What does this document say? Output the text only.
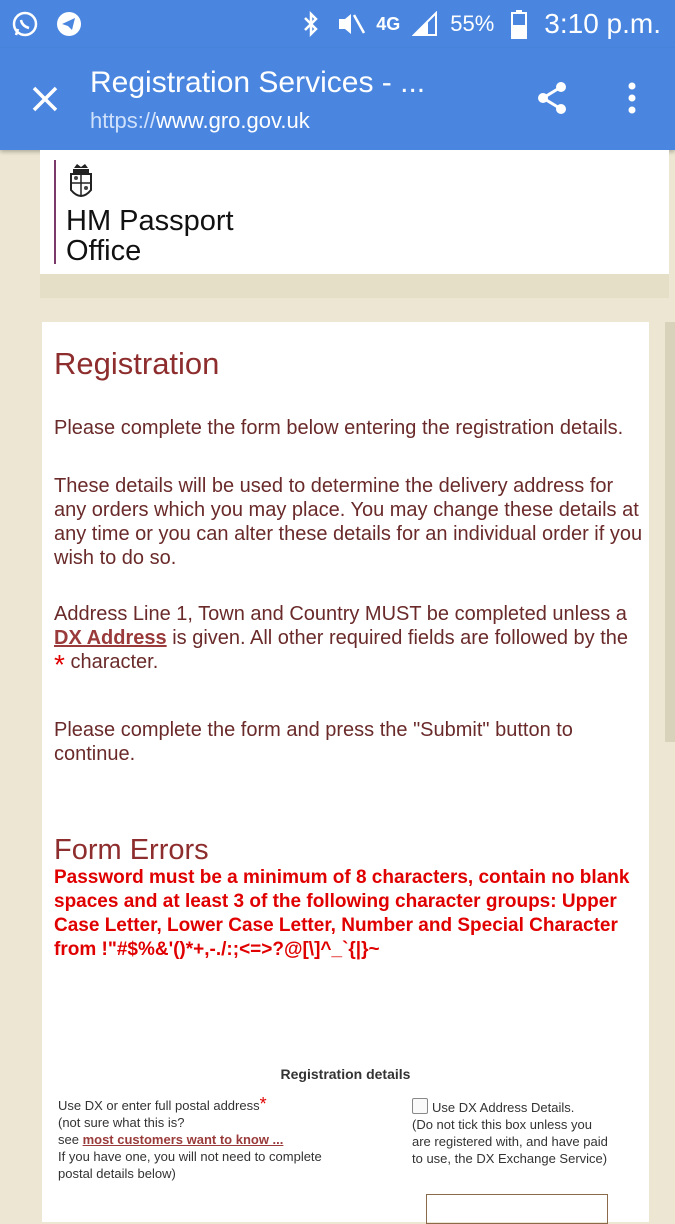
4G 55% 3:10 p.m.
Registration Services - ...
https://www.gro.gov.uk
HM Passport
Office
Registration
Please complete the form below entering the registration details.
These details will be used to determine the delivery address for any orders which you may place. You may change these details at any time or you can alter these details for an individual order if you wish to do so.
Address Line 1, Town and Country MUST be completed unless a DX Address is given. All other required fields are followed by the
* character.
Please complete the form and press the "Submit" button to continue.
Form Errors
Password must be a minimum of 8 characters, contain no blank spaces and at least 3 of the following character groups: Upper Case Letter, Lower Case Letter, Number and Special Character from !"#$%&'()*+,-./:;<=>?@[\]^_`{|}~
Registration details
Use DX or enter full postal address*
(not sure what this is?
see most customers want to know ...
If you have one, you will not need to complete postal details below)
Use DX Address Details.
(Do not tick this box unless you are registered with, and have paid to use, the DX Exchange Service)
